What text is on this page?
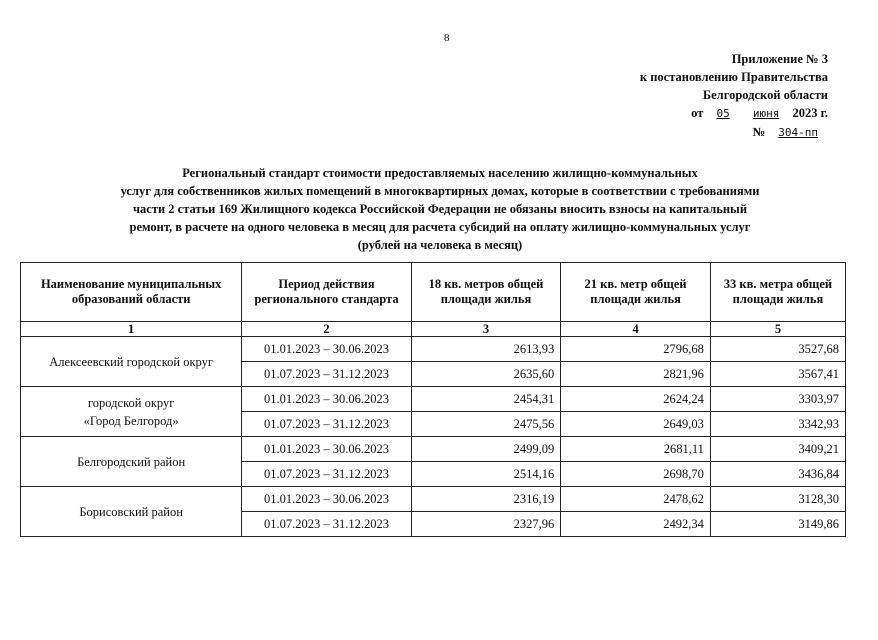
8
Приложение № 3
к постановлению Правительства
Белгородской области
от 05 июня 2023 г.
№ 304-пп
Региональный стандарт стоимости предоставляемых населению жилищно-коммунальных
услуг для собственников жилых помещений в многоквартирных домах, которые в соответствии с требованиями
части 2 статьи 169 Жилищного кодекса Российской Федерации не обязаны вносить взносы на капитальный
ремонт, в расчете на одного человека в месяц для расчета субсидий на оплату жилищно-коммунальных услуг
(рублей на человека в месяц)
Наименование муниципальных образований области	Период действия регионального стандарта	18 кв. метров общей площади жилья	21 кв. метр общей площади жилья	33 кв. метра общей площади жилья
1	2	3	4	5
Алексеевский городской округ	01.01.2023 – 30.06.2023	2613,93	2796,68	3527,68
	01.07.2023 – 31.12.2023	2635,60	2821,96	3567,41
городской округ
«Город Белгород»	01.01.2023 – 30.06.2023	2454,31	2624,24	3303,97
	01.07.2023 – 31.12.2023	2475,56	2649,03	3342,93
Белгородский район	01.01.2023 – 30.06.2023	2499,09	2681,11	3409,21
	01.07.2023 – 31.12.2023	2514,16	2698,70	3436,84
Борисовский район	01.01.2023 – 30.06.2023	2316,19	2478,62	3128,30
	01.07.2023 – 31.12.2023	2327,96	2492,34	3149,86
